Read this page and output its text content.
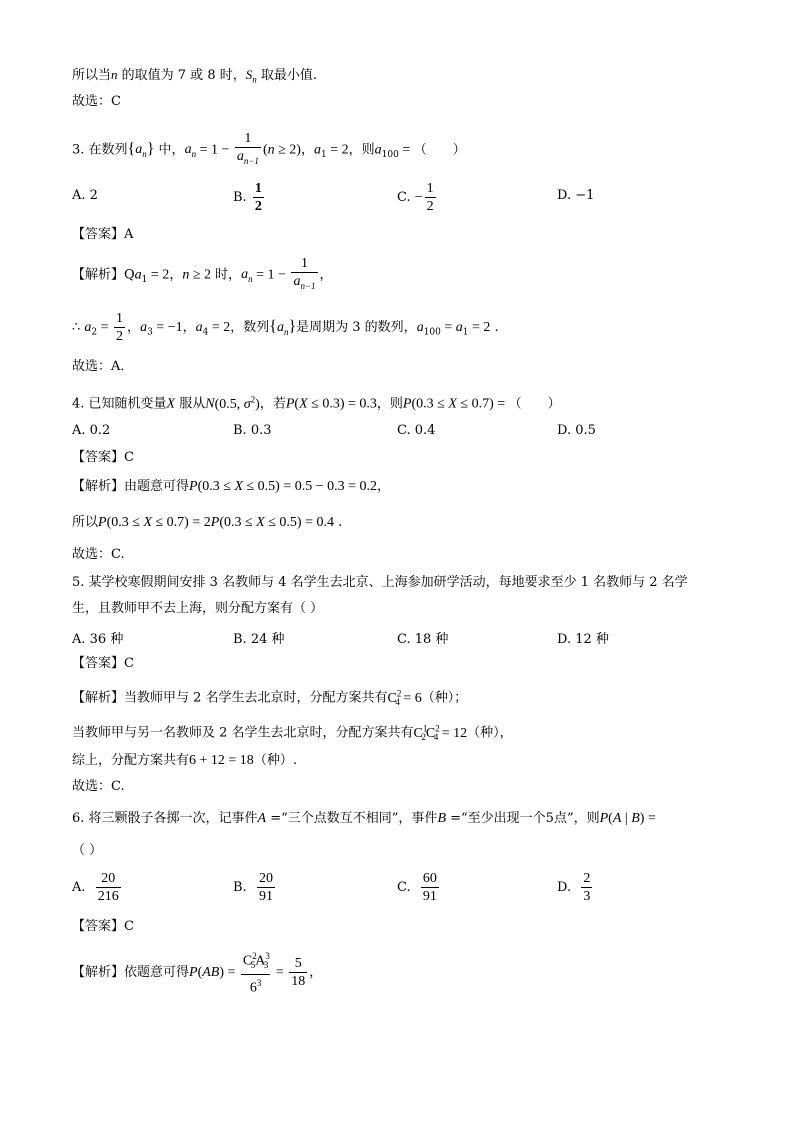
所以当n 的取值为 7 或 8 时，$S_n$ 取最小值.
故选：C
3. 在数列$\{a_n\}$ 中，$a_n = 1 - \frac{1}{a_{n-1}} (n \ge 2)$，$a_1 = 2$，则$a_{100}$ = （　　）
A. 2	B. $\frac{1}{2}$	C. − $\frac{1}{2}$	D. −1
【答案】A
【解析】$Qa_1 = 2$，n ≥ 2 时，$a_n = 1 - \frac{1}{a_{n-1}}$ ，
∴ $a_2 = \frac{1}{2}$ ，$a_3 = -1$，$a_4 = 2$，数列$\{a_n\}$是周期为 3 的数列，$a_{100} = a_1 = 2$ .
故选：A．
4. 已知随机变量X 服从N(0.5, $\sigma^2$)，若P(X ≤ 0.3) = 0.3，则P(0.3 ≤ X ≤ 0.7) = （　　）
A. 0.2	B. 0.3	C. 0.4	D. 0.5
【答案】C
【解析】由题意可得P(0.3 ≤ X ≤ 0.5) = 0.5 − 0.3 = 0.2，
所以P(0.3 ≤ X ≤ 0.7) = 2P(0.3 ≤ X ≤ 0.5) = 0.4 .
故选：C.
5. 某学校寒假期间安排 3 名教师与 4 名学生去北京、上海参加研学活动，每地要求至少 1 名教师与 2 名学
生，且教师甲不去上海，则分配方案有（ ）
A. 36 种	B. 24 种	C. 18 种	D. 12 种
【答案】C
【解析】当教师甲与 2 名学生去北京时，分配方案共有$C^2_4 = 6$（种）；
当教师甲与另一名教师及 2 名学生去北京时，分配方案共有$C^1_2C^2_4 = 12$（种），
综上，分配方案共有6 + 12 = 18（种）.
故选：C.
6. 将三颗骰子各掷一次，记事件A =“三个点数互不相同”，事件B =“至少出现一个5点”，则P(A | B) =
（ ）
A. $\frac{20}{216}$	B. $\frac{20}{91}$	C. $\frac{60}{91}$	D. $\frac{2}{3}$
【答案】C
【解析】依题意可得$P(AB) = \frac{C^2_5A^3_3}{6^3} = \frac{5}{18}$ ，
